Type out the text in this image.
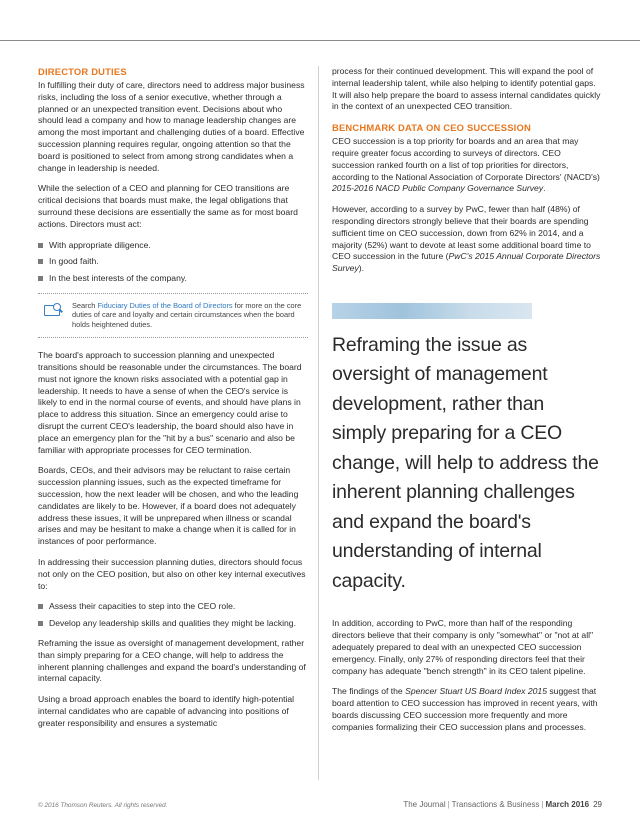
DIRECTOR DUTIES

In fulfilling their duty of care, directors need to address major business risks, including the loss of a senior executive, whether through a planned or an unexpected transition event. Decisions about who should lead a company and how to manage leadership changes are among the most important and challenging duties of a board. Effective succession planning requires regular, ongoing attention so that the board is positioned to select from among strong candidates when a change in leadership is needed.

While the selection of a CEO and planning for CEO transitions are critical decisions that boards must make, the legal obligations that surround these decisions are essentially the same as for most board actions. Directors must act:

With appropriate diligence.
In good faith.
In the best interests of the company.
Search Fiduciary Duties of the Board of Directors for more on the core duties of care and loyalty and certain circumstances when the board holds heightened duties.

The board's approach to succession planning and unexpected transitions should be reasonable under the circumstances. The board must not ignore the known risks associated with a potential gap in leadership. It needs to have a sense of when the CEO's service is likely to end in the normal course of events, and should have plans in place to address this situation. Since an emergency could arise to disrupt the current CEO's leadership, the board should also have in place an emergency plan for the "hit by a bus" scenario and also be familiar with appropriate processes for CEO termination.

Boards, CEOs, and their advisors may be reluctant to raise certain succession planning issues, such as the expected timeframe for succession, how the next leader will be chosen, and who the leading candidates are likely to be. However, if a board does not adequately address these issues, it will be unprepared when illness or scandal arises and may be hesitant to make a change when it is called for in instances of poor performance.

In addressing their succession planning duties, directors should focus not only on the CEO position, but also on other key internal executives to:

Assess their capacities to step into the CEO role.
Develop any leadership skills and qualities they might be lacking.

Reframing the issue as oversight of management development, rather than simply preparing for a CEO change, will help to address the inherent planning challenges and expand the board's understanding of internal capacity.

Using a broad approach enables the board to identify high-potential internal candidates who are capable of advancing into positions of greater responsibility and ensures a systematic

process for their continued development. This will expand the pool of internal leadership talent, while also helping to identify potential gaps. It will also help prepare the board to assess internal candidates quickly in the context of an unexpected CEO transition.

BENCHMARK DATA ON CEO SUCCESSION

CEO succession is a top priority for boards and an area that may require greater focus according to surveys of directors. CEO succession ranked fourth on a list of top priorities for directors, according to the National Association of Corporate Directors' (NACD's) 2015-2016 NACD Public Company Governance Survey.

However, according to a survey by PwC, fewer than half (48%) of responding directors strongly believe that their boards are spending sufficient time on CEO succession, down from 62% in 2014, and a majority (52%) want to devote at least some additional board time to CEO succession in the future (PwC's 2015 Annual Corporate Directors Survey).

Reframing the issue as oversight of management development, rather than simply preparing for a CEO change, will help to address the inherent planning challenges and expand the board's understanding of internal capacity.

In addition, according to PwC, more than half of the responding directors believe that their company is only "somewhat" or "not at all" adequately prepared to deal with an unexpected CEO succession emergency. Finally, only 27% of responding directors feel that their company has adequate "bench strength" in its CEO talent pipeline.

The findings of the Spencer Stuart US Board Index 2015 suggest that board attention to CEO succession has improved in recent years, with boards discussing CEO succession more frequently and more companies formalizing their CEO succession plans and processes.

© 2016 Thomson Reuters. All rights reserved.	The Journal | Transactions & Business | March 2016 29
